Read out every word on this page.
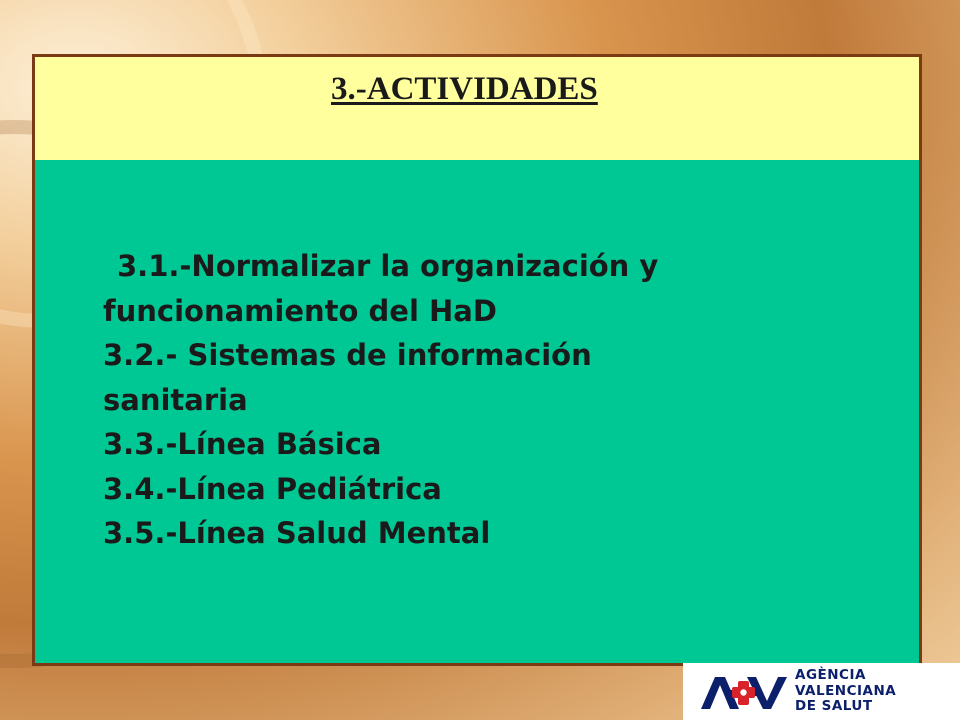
3.-ACTIVIDADES
3.1.-Normalizar la organización y
funcionamiento del HaD
3.2.- Sistemas de información
sanitaria
3.3.-Línea Básica
3.4.-Línea Pediátrica
3.5.-Línea Salud Mental
AGÈNCIA
VALENCIANA
DE SALUT
